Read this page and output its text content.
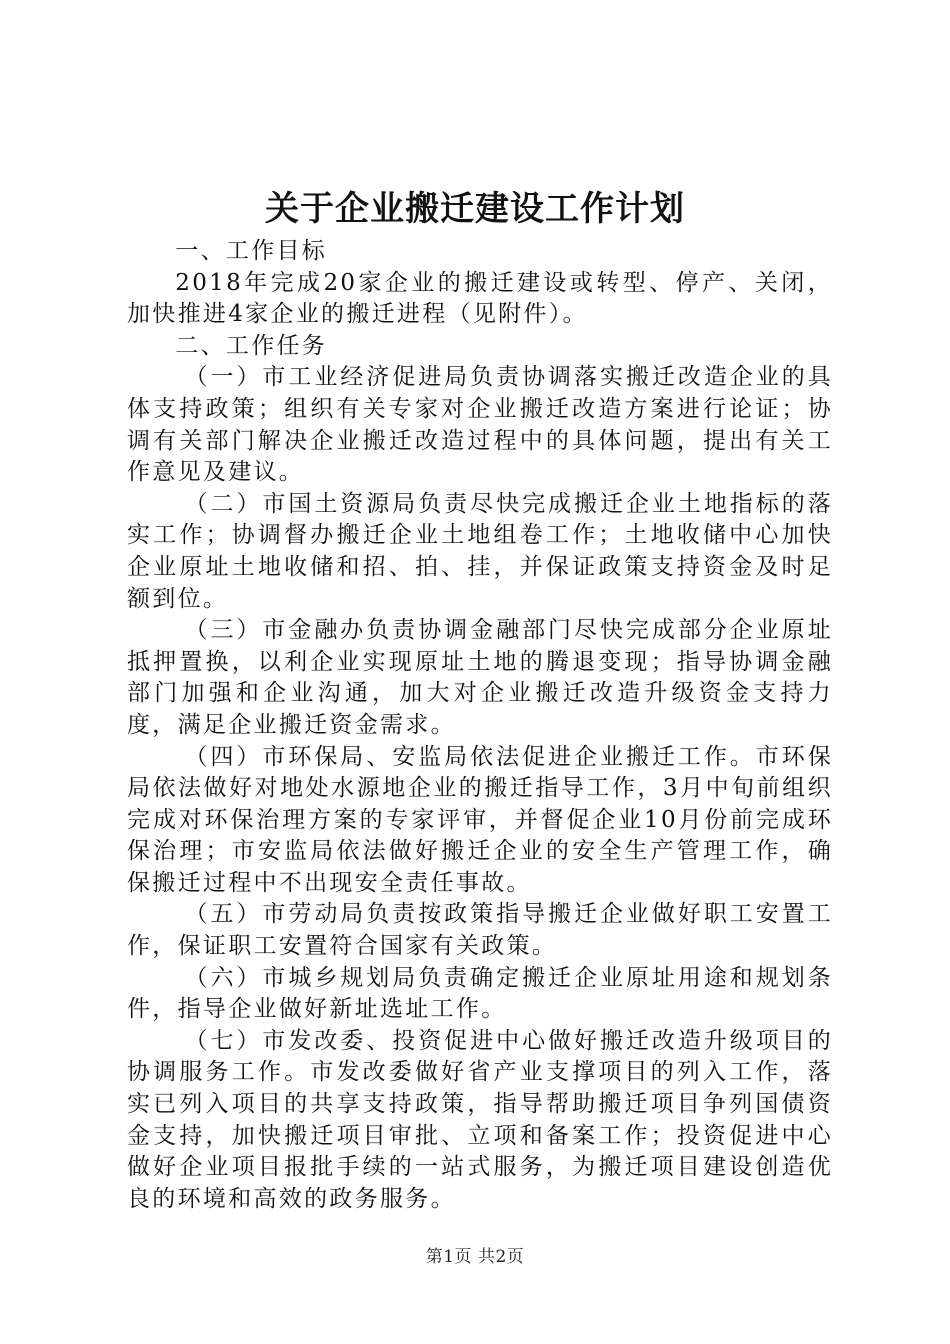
关于企业搬迁建设工作计划

一、工作目标

2018年完成20家企业的搬迁建设或转型、停产、关闭，加快推进4家企业的搬迁进程（见附件）。

二、工作任务

（一）市工业经济促进局负责协调落实搬迁改造企业的具体支持政策；组织有关专家对企业搬迁改造方案进行论证；协调有关部门解决企业搬迁改造过程中的具体问题，提出有关工作意见及建议。

（二）市国土资源局负责尽快完成搬迁企业土地指标的落实工作；协调督办搬迁企业土地组卷工作；土地收储中心加快企业原址土地收储和招、拍、挂，并保证政策支持资金及时足额到位。

（三）市金融办负责协调金融部门尽快完成部分企业原址抵押置换，以利企业实现原址土地的腾退变现；指导协调金融部门加强和企业沟通，加大对企业搬迁改造升级资金支持力度，满足企业搬迁资金需求。

（四）市环保局、安监局依法促进企业搬迁工作。市环保局依法做好对地处水源地企业的搬迁指导工作，3月中旬前组织完成对环保治理方案的专家评审，并督促企业10月份前完成环保治理；市安监局依法做好搬迁企业的安全生产管理工作，确保搬迁过程中不出现安全责任事故。

（五）市劳动局负责按政策指导搬迁企业做好职工安置工作，保证职工安置符合国家有关政策。

（六）市城乡规划局负责确定搬迁企业原址用途和规划条件，指导企业做好新址选址工作。

（七）市发改委、投资促进中心做好搬迁改造升级项目的协调服务工作。市发改委做好省产业支撑项目的列入工作，落实已列入项目的共享支持政策，指导帮助搬迁项目争列国债资金支持，加快搬迁项目审批、立项和备案工作；投资促进中心做好企业项目报批手续的一站式服务，为搬迁项目建设创造优良的环境和高效的政务服务。

第1页 共2页
